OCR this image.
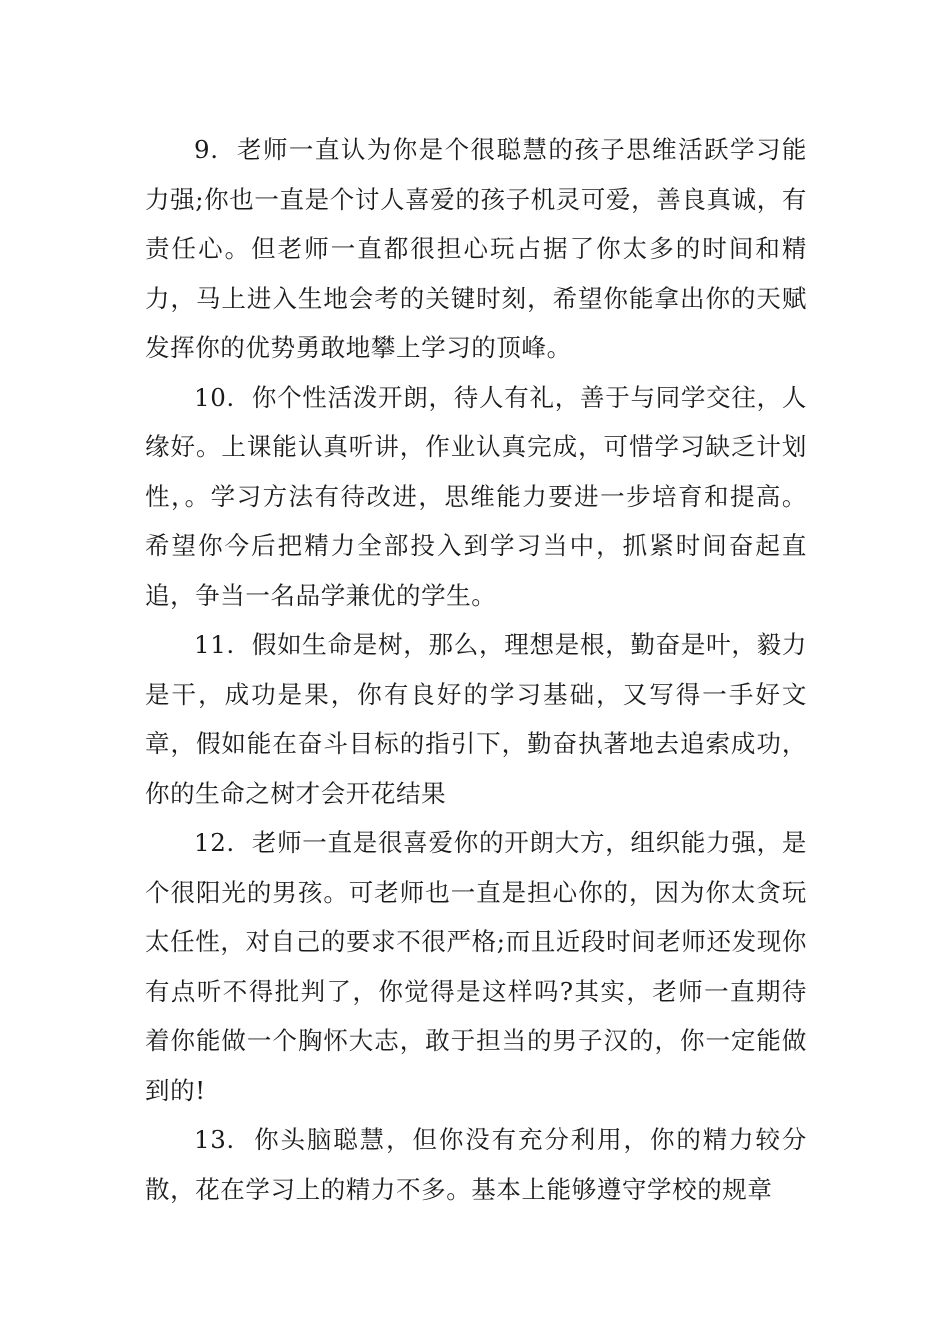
9. 老师一直认为你是个很聪慧的孩子思维活跃学习能力强;你也一直是个讨人喜爱的孩子机灵可爱，善良真诚，有责任心。但老师一直都很担心玩占据了你太多的时间和精力，马上进入生地会考的关键时刻，希望你能拿出你的天赋发挥你的优势勇敢地攀上学习的顶峰。

10. 你个性活泼开朗，待人有礼，善于与同学交往，人缘好。上课能认真听讲，作业认真完成，可惜学习缺乏计划性，。学习方法有待改进，思维能力要进一步培育和提高。希望你今后把精力全部投入到学习当中，抓紧时间奋起直追，争当一名品学兼优的学生。

11. 假如生命是树，那么，理想是根，勤奋是叶，毅力是干，成功是果，你有良好的学习基础，又写得一手好文章，假如能在奋斗目标的指引下，勤奋执著地去追索成功，你的生命之树才会开花结果

12. 老师一直是很喜爱你的开朗大方，组织能力强，是个很阳光的男孩。可老师也一直是担心你的，因为你太贪玩太任性，对自己的要求不很严格;而且近段时间老师还发现你有点听不得批判了，你觉得是这样吗?其实，老师一直期待着你能做一个胸怀大志，敢于担当的男子汉的，你一定能做到的!

13. 你头脑聪慧，但你没有充分利用，你的精力较分散，花在学习上的精力不多。基本上能够遵守学校的规章
